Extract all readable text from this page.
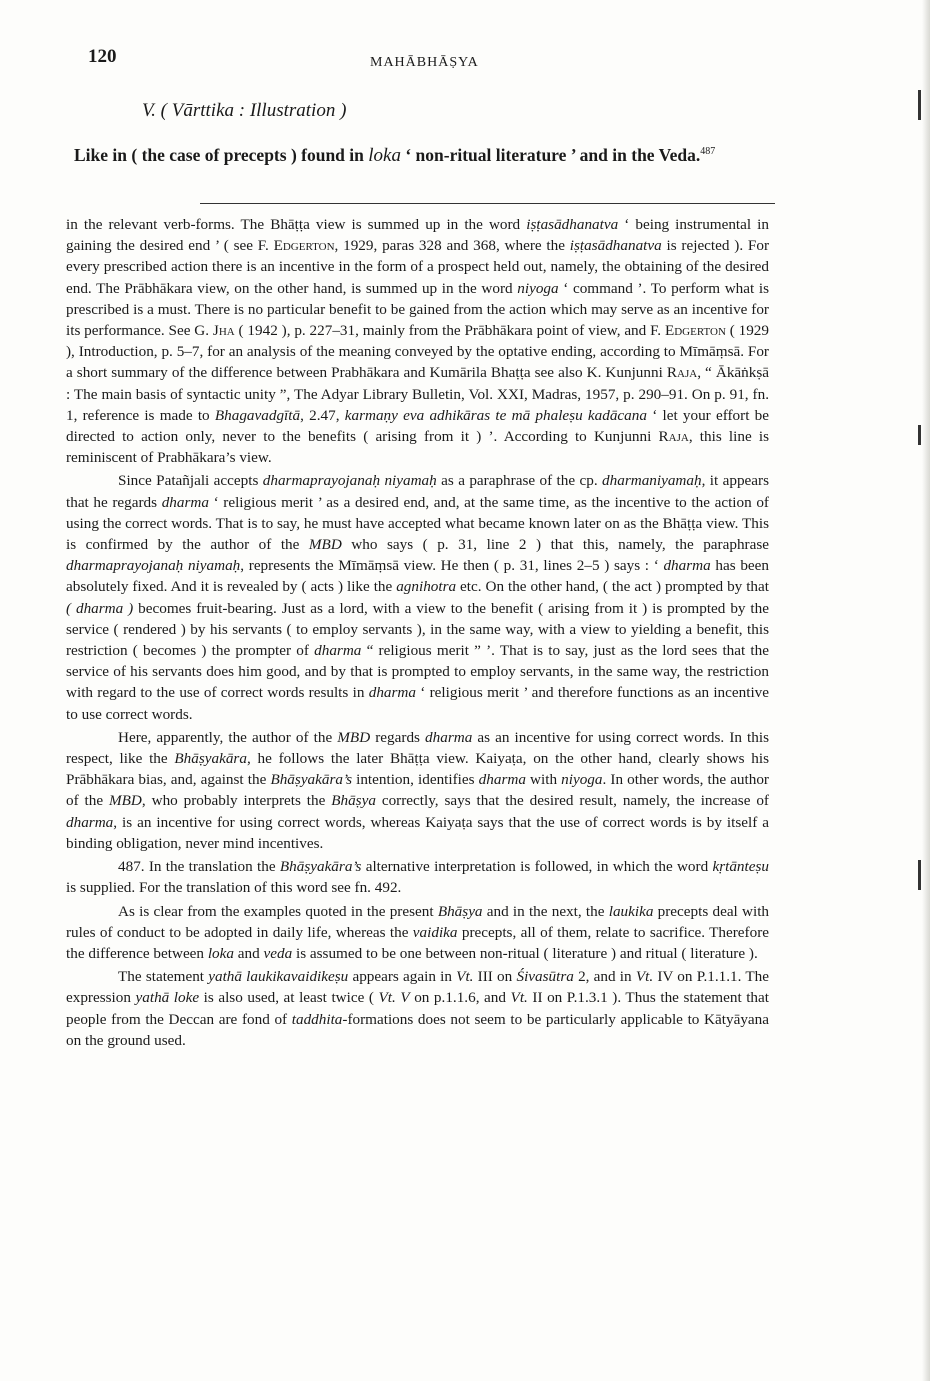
120	MAHĀBHĀṢYA
V. ( Vārttika : Illustration )
Like in ( the case of precepts ) found in loka ‘ non-ritual literature ’ and in the Veda.$^{487}$

in the relevant verb-forms. The Bhāṭṭa view is summed up in the word iṣṭasādhanatva ‘ being instrumental in gaining the desired end ’ ( see F. Edgerton, 1929, paras 328 and 368, where the iṣṭasādhanatva is rejected ). For every prescribed action there is an incentive in the form of a prospect held out, namely, the obtaining of the desired end. The Prābhākara view, on the other hand, is summed up in the word niyoga ‘ command ’. To perform what is prescribed is a must. There is no particular benefit to be gained from the action which may serve as an incentive for its performance. See G. Jha ( 1942 ), p. 227–31, mainly from the Prābhākara point of view, and F. Edgerton ( 1929 ), Introduction, p. 5–7, for an analysis of the meaning conveyed by the optative ending, according to Mīmāṃsā. For a short summary of the difference between Prabhākara and Kumārila Bhaṭṭa see also K. Kunjunni Raja, “ Ākāṅkṣā : The main basis of syntactic unity ”, The Adyar Library Bulletin, Vol. XXI, Madras, 1957, p. 290–91. On p. 91, fn. 1, reference is made to Bhagavadgītā, 2.47, karmaṇy eva adhikāras te mā phaleṣu kadācana ‘ let your effort be directed to action only, never to the benefits ( arising from it ) ’. According to Kunjunni Raja, this line is reminiscent of Prabhākara’s view.

Since Patañjali accepts dharmaprayojanaḥ niyamaḥ as a paraphrase of the cp. dharmaniyamaḥ, it appears that he regards dharma ‘ religious merit ’ as a desired end, and, at the same time, as the incentive to the action of using the correct words. That is to say, he must have accepted what became known later on as the Bhāṭṭa view. This is confirmed by the author of the MBD who says ( p. 31, line 2 ) that this, namely, the paraphrase dharmaprayojanaḥ niyamaḥ, represents the Mīmāṃsā view. He then ( p. 31, lines 2–5 ) says : ‘ dharma has been absolutely fixed. And it is revealed by ( acts ) like the agnihotra etc. On the other hand, ( the act ) prompted by that ( dharma ) becomes fruit-bearing. Just as a lord, with a view to the benefit ( arising from it ) is prompted by the service ( rendered ) by his servants ( to employ servants ), in the same way, with a view to yielding a benefit, this restriction ( becomes ) the prompter of dharma “ religious merit ” ’. That is to say, just as the lord sees that the service of his servants does him good, and by that is prompted to employ servants, in the same way, the restriction with regard to the use of correct words results in dharma ‘ religious merit ’ and therefore functions as an incentive to use correct words.

Here, apparently, the author of the MBD regards dharma as an incentive for using correct words. In this respect, like the Bhāṣyakāra, he follows the later Bhāṭṭa view. Kaiyaṭa, on the other hand, clearly shows his Prābhākara bias, and, against the Bhāṣyakāra’s intention, identifies dharma with niyoga. In other words, the author of the MBD, who probably interprets the Bhāṣya correctly, says that the desired result, namely, the increase of dharma, is an incentive for using correct words, whereas Kaiyaṭa says that the use of correct words is by itself a binding obligation, never mind incentives.

487. In the translation the Bhāṣyakāra’s alternative interpretation is followed, in which the word kṛtānteṣu is supplied. For the translation of this word see fn. 492.

As is clear from the examples quoted in the present Bhāṣya and in the next, the laukika precepts deal with rules of conduct to be adopted in daily life, whereas the vaidika precepts, all of them, relate to sacrifice. Therefore the difference between loka and veda is assumed to be one between non-ritual ( literature ) and ritual ( literature ).

The statement yathā laukikavaidikeṣu appears again in Vt. III on Śivasūtra 2, and in Vt. IV on P.1.1.1. The expression yathā loke is also used, at least twice ( Vt. V on p.1.1.6, and Vt. II on P.1.3.1 ). Thus the statement that people from the Deccan are fond of taddhita-formations does not seem to be particularly applicable to Kātyāyana on the ground used.
